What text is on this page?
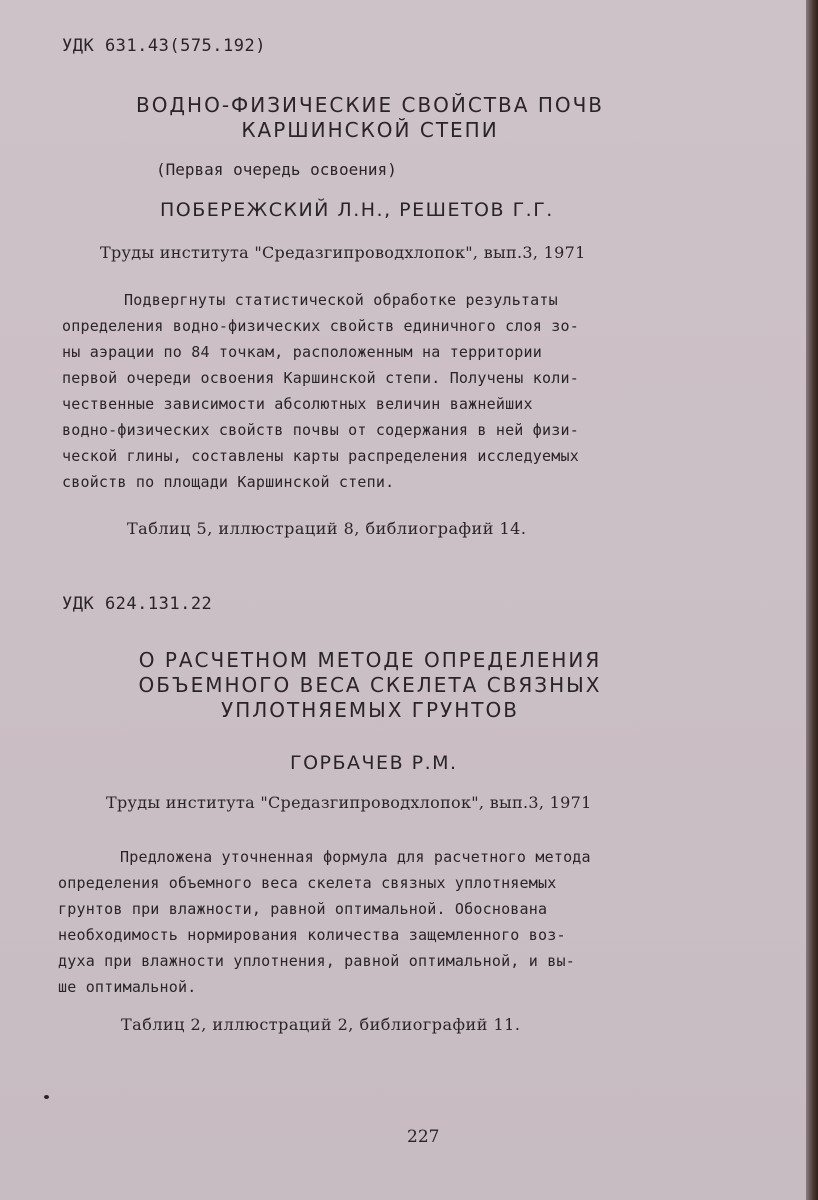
УДК 631.43(575.192)

ВОДНО-ФИЗИЧЕСКИЕ СВОЙСТВА ПОЧВ
КАРШИНСКОЙ СТЕПИ

(Первая очередь освоения)

ПОБЕРЕЖСКИЙ Л.Н., РЕШЕТОВ Г.Г.

Труды института "Средазгипроводхлопок", вып.3, 1971

Подвергнуты статистической обработке результаты
определения водно-физических свойств единичного слоя зо-
ны аэрации по 84 точкам, расположенным на территории
первой очереди освоения Каршинской степи. Получены коли-
чественные зависимости абсолютных величин важнейших
водно-физических свойств почвы от содержания в ней физи-
ческой глины, составлены карты распределения исследуемых
свойств по площади Каршинской степи.

Таблиц 5, иллюстраций 8, библиографий 14.

УДК 624.131.22

О РАСЧЕТНОМ МЕТОДЕ ОПРЕДЕЛЕНИЯ
ОБЪЕМНОГО ВЕСА СКЕЛЕТА СВЯЗНЫХ
УПЛОТНЯЕМЫХ ГРУНТОВ

ГОРБАЧЕВ Р.М.

Труды института "Средазгипроводхлопок", вып.3, 1971

Предложена уточненная формула для расчетного метода
определения объемного веса скелета связных уплотняемых
грунтов при влажности, равной оптимальной. Обоснована
необходимость нормирования количества защемленного воз-
духа при влажности уплотнения, равной оптимальной, и вы-
ше оптимальной.

Таблиц 2, иллюстраций 2, библиографий 11.

227
